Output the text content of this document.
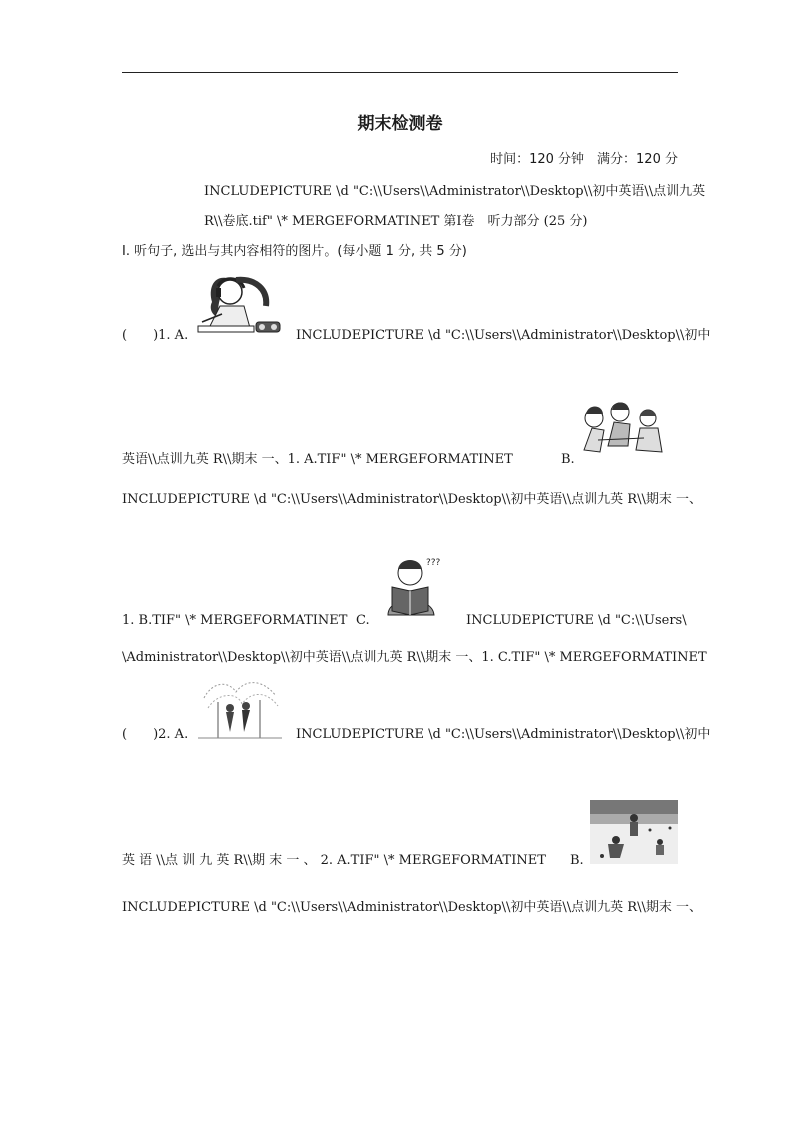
期末检测卷
时间：120 分钟　满分：120 分
INCLUDEPICTURE \d "C:\\Users\\Administrator\\Desktop\\初中英语\\点训九英
R\\卷底.tif" \* MERGEFORMATINET 第Ⅰ卷　听力部分 (25 分)
Ⅰ. 听句子, 选出与其内容相符的图片。(每小题 1 分, 共 5 分)
(　　)1. A.	INCLUDEPICTURE \d "C:\\Users\\Administrator\\Desktop\\初中
英语\\点训九英 R\\期末 一、1. A.TIF" \* MERGEFORMATINET	B.
INCLUDEPICTURE \d "C:\\Users\\Administrator\\Desktop\\初中英语\\点训九英 R\\期末 一、
1. B.TIF" \* MERGEFORMATINET C.
???
INCLUDEPICTURE \d "C:\\Users\
\Administrator\\Desktop\\初中英语\\点训九英 R\\期末 一、1. C.TIF" \* MERGEFORMATINET
(　　)2. A.	INCLUDEPICTURE \d "C:\\Users\\Administrator\\Desktop\\初中
英 语 \\点 训 九 英 R\\期 末 一 、 2. A.TIF" \* MERGEFORMATINET B.
INCLUDEPICTURE \d "C:\\Users\\Administrator\\Desktop\\初中英语\\点训九英 R\\期末 一、
